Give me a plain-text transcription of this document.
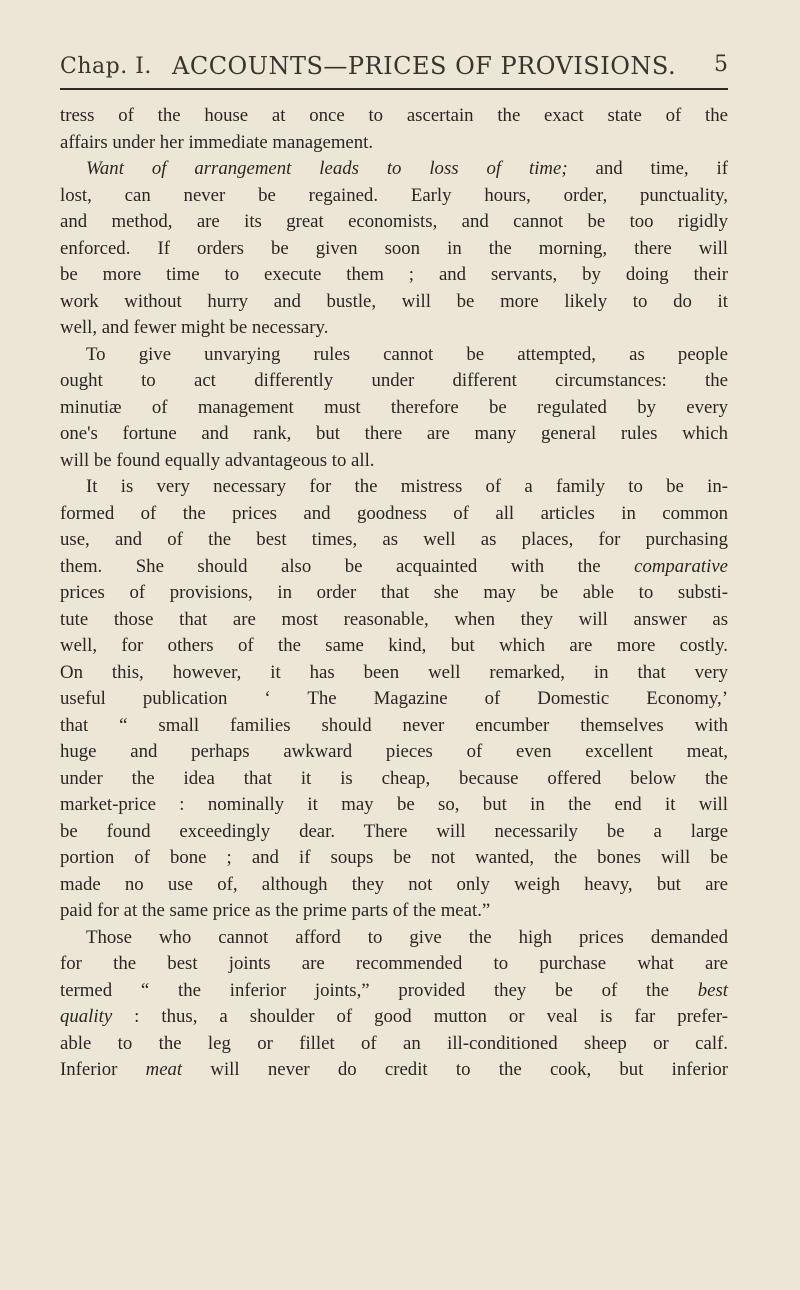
Chap. I. ACCOUNTS—PRICES OF PROVISIONS. 5
tress of the house at once to ascertain the exact state of the
affairs under her immediate management.
Want of arrangement leads to loss of time; and time, if
lost, can never be regained. Early hours, order, punctuality,
and method, are its great economists, and cannot be too rigidly
enforced. If orders be given soon in the morning, there will
be more time to execute them ; and servants, by doing their
work without hurry and bustle, will be more likely to do it
well, and fewer might be necessary.
To give unvarying rules cannot be attempted, as people
ought to act differently under different circumstances: the
minutiæ of management must therefore be regulated by every
one's fortune and rank, but there are many general rules which
will be found equally advantageous to all.
It is very necessary for the mistress of a family to be in-
formed of the prices and goodness of all articles in common
use, and of the best times, as well as places, for purchasing
them. She should also be acquainted with the comparative
prices of provisions, in order that she may be able to substi-
tute those that are most reasonable, when they will answer as
well, for others of the same kind, but which are more costly.
On this, however, it has been well remarked, in that very
useful publication ‘ The Magazine of Domestic Economy,’
that “ small families should never encumber themselves with
huge and perhaps awkward pieces of even excellent meat,
under the idea that it is cheap, because offered below the
market-price : nominally it may be so, but in the end it will
be found exceedingly dear. There will necessarily be a large
portion of bone ; and if soups be not wanted, the bones will be
made no use of, although they not only weigh heavy, but are
paid for at the same price as the prime parts of the meat.”
Those who cannot afford to give the high prices demanded
for the best joints are recommended to purchase what are
termed “ the inferior joints,” provided they be of the best
quality : thus, a shoulder of good mutton or veal is far prefer-
able to the leg or fillet of an ill-conditioned sheep or calf.
Inferior meat will never do credit to the cook, but inferior
